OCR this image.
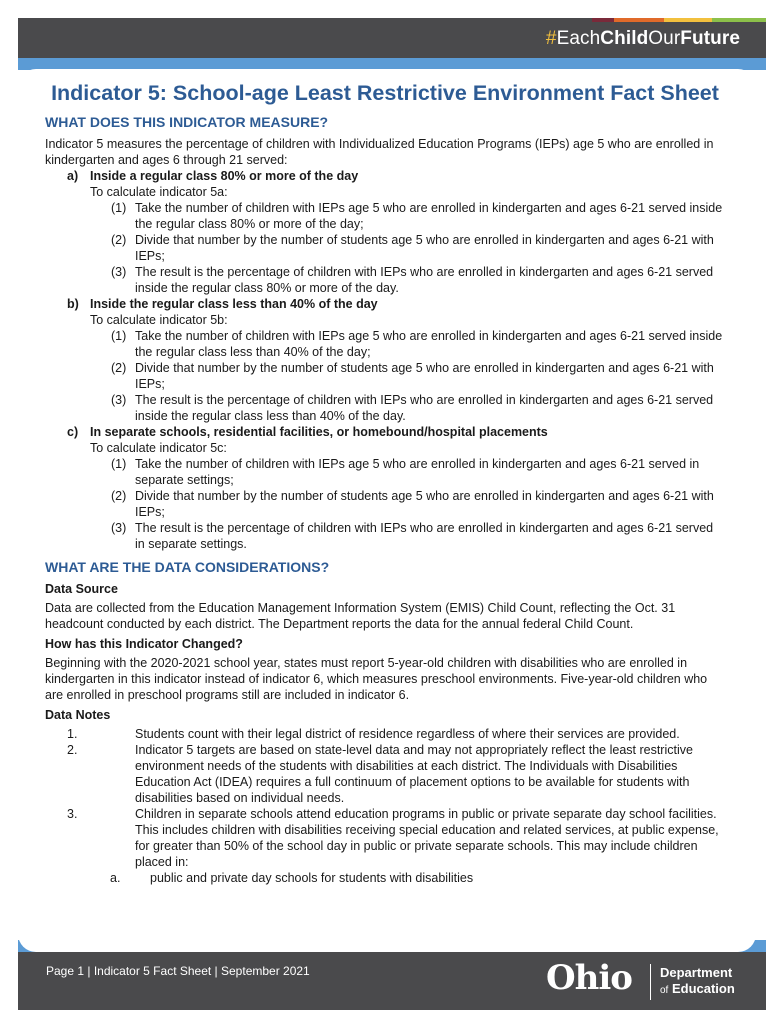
#EachChildOurFuture
Indicator 5: School-age Least Restrictive Environment Fact Sheet
WHAT DOES THIS INDICATOR MEASURE?

Indicator 5 measures the percentage of children with Individualized Education Programs (IEPs) age 5 who are enrolled in kindergarten and ages 6 through 21 served:

a) Inside a regular class 80% or more of the day
To calculate indicator 5a:
(1) Take the number of children with IEPs age 5 who are enrolled in kindergarten and ages 6-21 served inside the regular class 80% or more of the day;
(2) Divide that number by the number of students age 5 who are enrolled in kindergarten and ages 6-21 with IEPs;
(3) The result is the percentage of children with IEPs who are enrolled in kindergarten and ages 6-21 served inside the regular class 80% or more of the day.
b) Inside the regular class less than 40% of the day
To calculate indicator 5b:
(1) Take the number of children with IEPs age 5 who are enrolled in kindergarten and ages 6-21 served inside the regular class less than 40% of the day;
(2) Divide that number by the number of students age 5 who are enrolled in kindergarten and ages 6-21 with IEPs;
(3) The result is the percentage of children with IEPs who are enrolled in kindergarten and ages 6-21 served inside the regular class less than 40% of the day.
c) In separate schools, residential facilities, or homebound/hospital placements
To calculate indicator 5c:
(1) Take the number of children with IEPs age 5 who are enrolled in kindergarten and ages 6-21 served in separate settings;
(2) Divide that number by the number of students age 5 who are enrolled in kindergarten and ages 6-21 with IEPs;
(3) The result is the percentage of children with IEPs who are enrolled in kindergarten and ages 6-21 served in separate settings.
WHAT ARE THE DATA CONSIDERATIONS?

Data Source

Data are collected from the Education Management Information System (EMIS) Child Count, reflecting the Oct. 31 headcount conducted by each district. The Department reports the data for the annual federal Child Count.

How has this Indicator Changed?

Beginning with the 2020-2021 school year, states must report 5-year-old children with disabilities who are enrolled in kindergarten in this indicator instead of indicator 6, which measures preschool environments. Five-year-old children who are enrolled in preschool programs still are included in indicator 6.

Data Notes

1.	Students count with their legal district of residence regardless of where their services are provided.
2.	Indicator 5 targets are based on state-level data and may not appropriately reflect the least restrictive environment needs of the students with disabilities at each district. The Individuals with Disabilities Education Act (IDEA) requires a full continuum of placement options to be available for students with disabilities based on individual needs.
3.	Children in separate schools attend education programs in public or private separate day school facilities. This includes children with disabilities receiving special education and related services, at public expense, for greater than 50% of the school day in public or private separate schools. This may include children placed in:
a. public and private day schools for students with disabilities
Page 1 | Indicator 5 Fact Sheet | September 2021	Ohio Department
of Education
